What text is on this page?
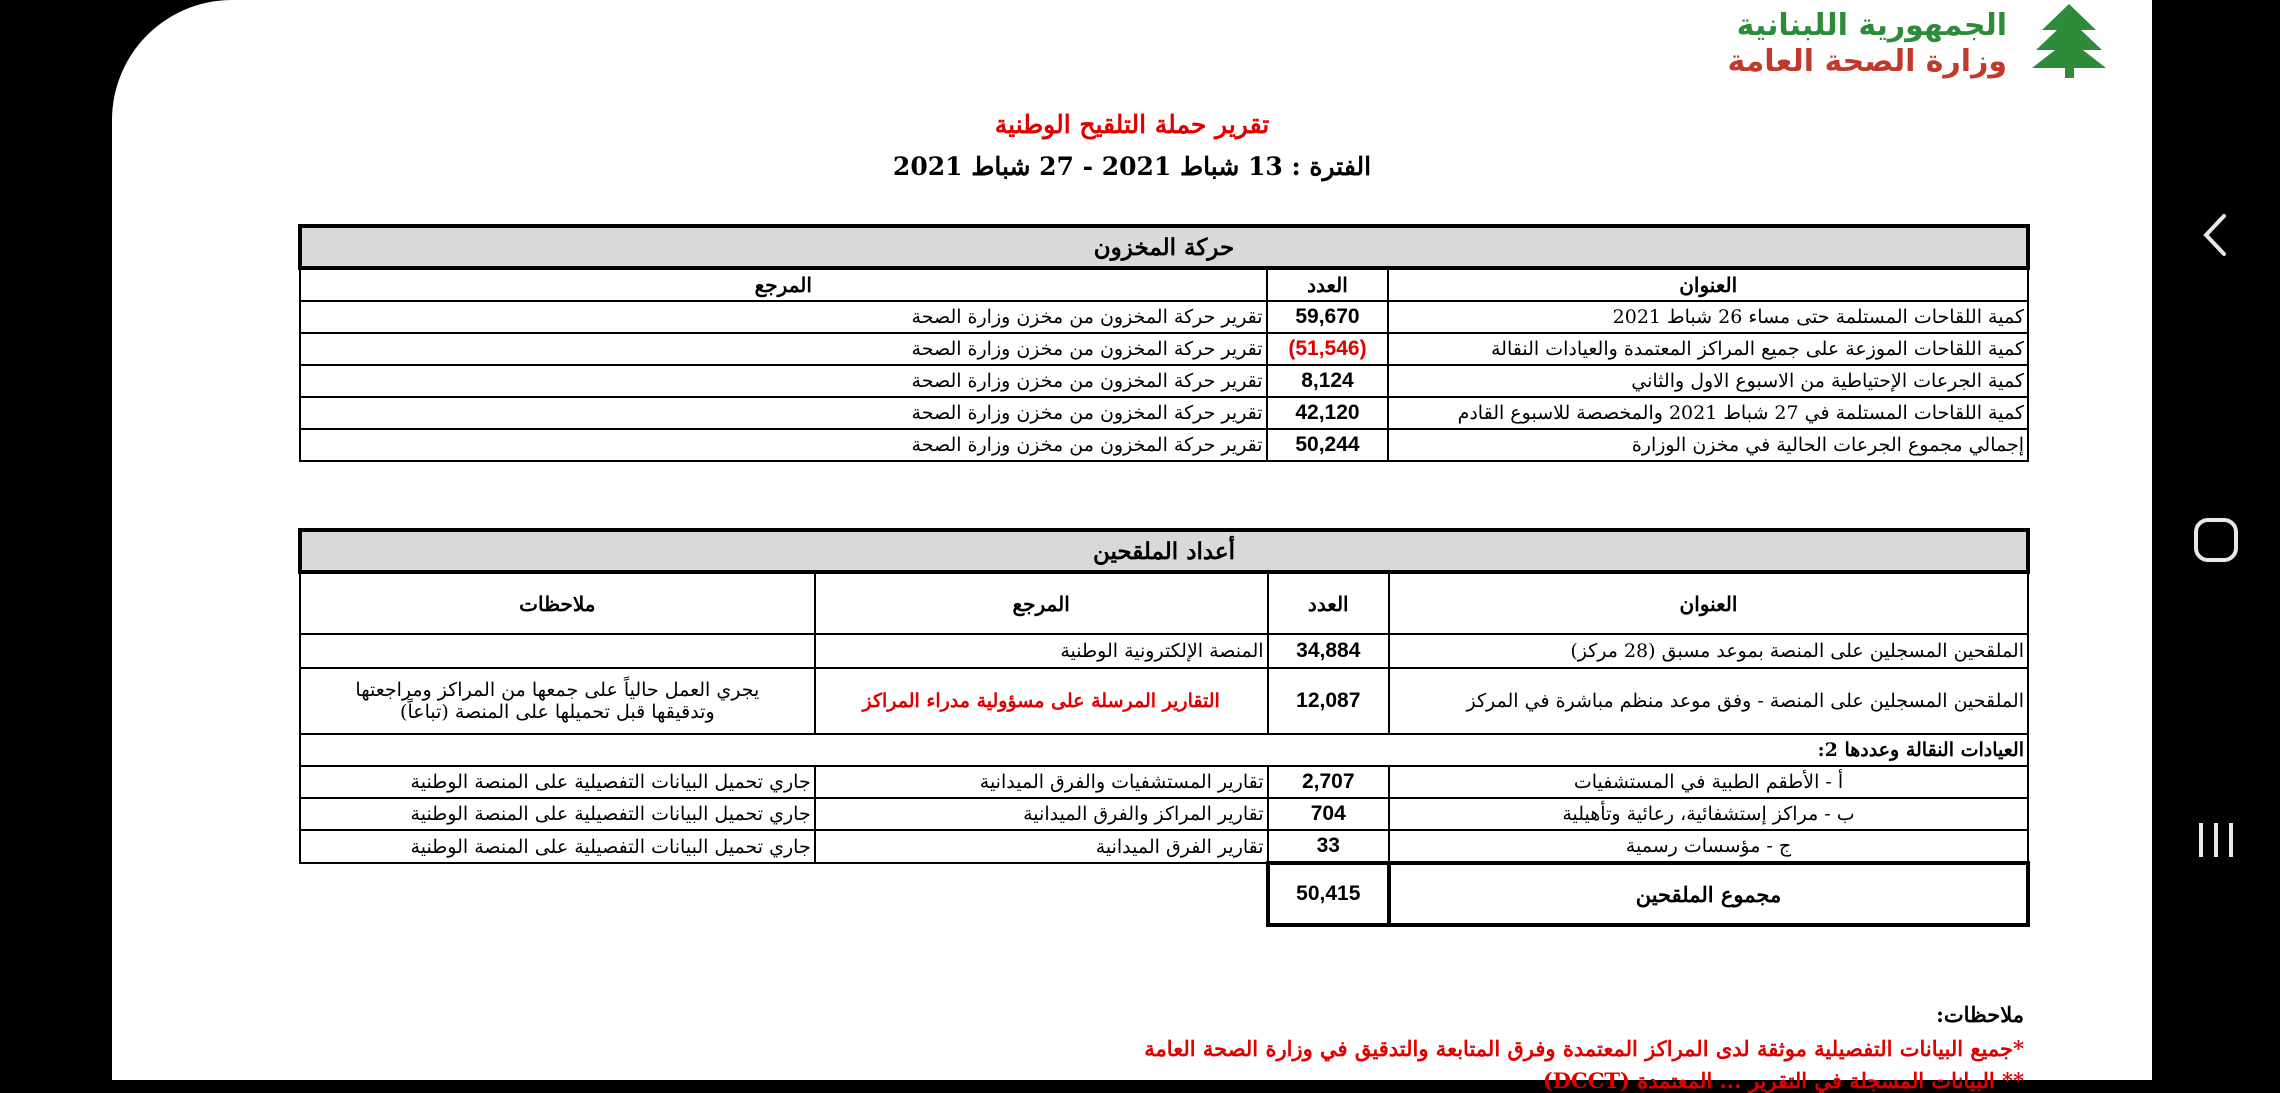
الجمهورية اللبنانية
وزارة الصحة العامة
تقرير حملة التلقيح الوطنية
الفترة : 13 شباط 2021 - 27 شباط 2021
حركة المخزون		
العنوان	العدد	المرجع
كمية اللقاحات المستلمة حتى مساء 26 شباط 2021	59,670	تقرير حركة المخزون من مخزن وزارة الصحة
كمية اللقاحات الموزعة على جميع المراكز المعتمدة والعيادات النقالة	(51,546)	تقرير حركة المخزون من مخزن وزارة الصحة
كمية الجرعات الإحتياطية من الاسبوع الاول والثاني	8,124	تقرير حركة المخزون من مخزن وزارة الصحة
كمية اللقاحات المستلمة في 27 شباط 2021 والمخصصة للاسبوع القادم	42,120	تقرير حركة المخزون من مخزن وزارة الصحة
إجمالي مجموع الجرعات الحالية في مخزن الوزارة	50,244	تقرير حركة المخزون من مخزن وزارة الصحة
أعداد الملقحين			
العنوان	العدد	المرجع	ملاحظات
الملقحين المسجلين على المنصة بموعد مسبق (28 مركز)	34,884	المنصة الإلكترونية الوطنية	
الملقحين المسجلين على المنصة - وفق موعد منظم مباشرة في المركز	12,087	التقارير المرسلة على مسؤولية مدراء المراكز	يجري العمل حالياً على جمعها من المراكز ومراجعتها
وتدقيقها قبل تحميلها على المنصة (تباعاً)

العيادات النقالة وعددها 2:			
أ - الأطقم الطبية في المستشفيات	2,707	تقارير المستشفيات والفرق الميدانية	جاري تحميل البيانات التفصيلية على المنصة الوطنية
ب - مراكز إستشفائية، رعائية وتأهيلية	704	تقارير المراكز والفرق الميدانية	جاري تحميل البيانات التفصيلية على المنصة الوطنية
ج - مؤسسات رسمية	33	تقارير الفرق الميدانية	جاري تحميل البيانات التفصيلية على المنصة الوطنية
مجموع الملقحين	50,415		
ملاحظات:
*جميع البيانات التفصيلية موثقة لدى المراكز المعتمدة وفرق المتابعة والتدقيق في وزارة الصحة العامة
** البيانات المسجلة في التقرير ... المعتمدة (DCCT)
